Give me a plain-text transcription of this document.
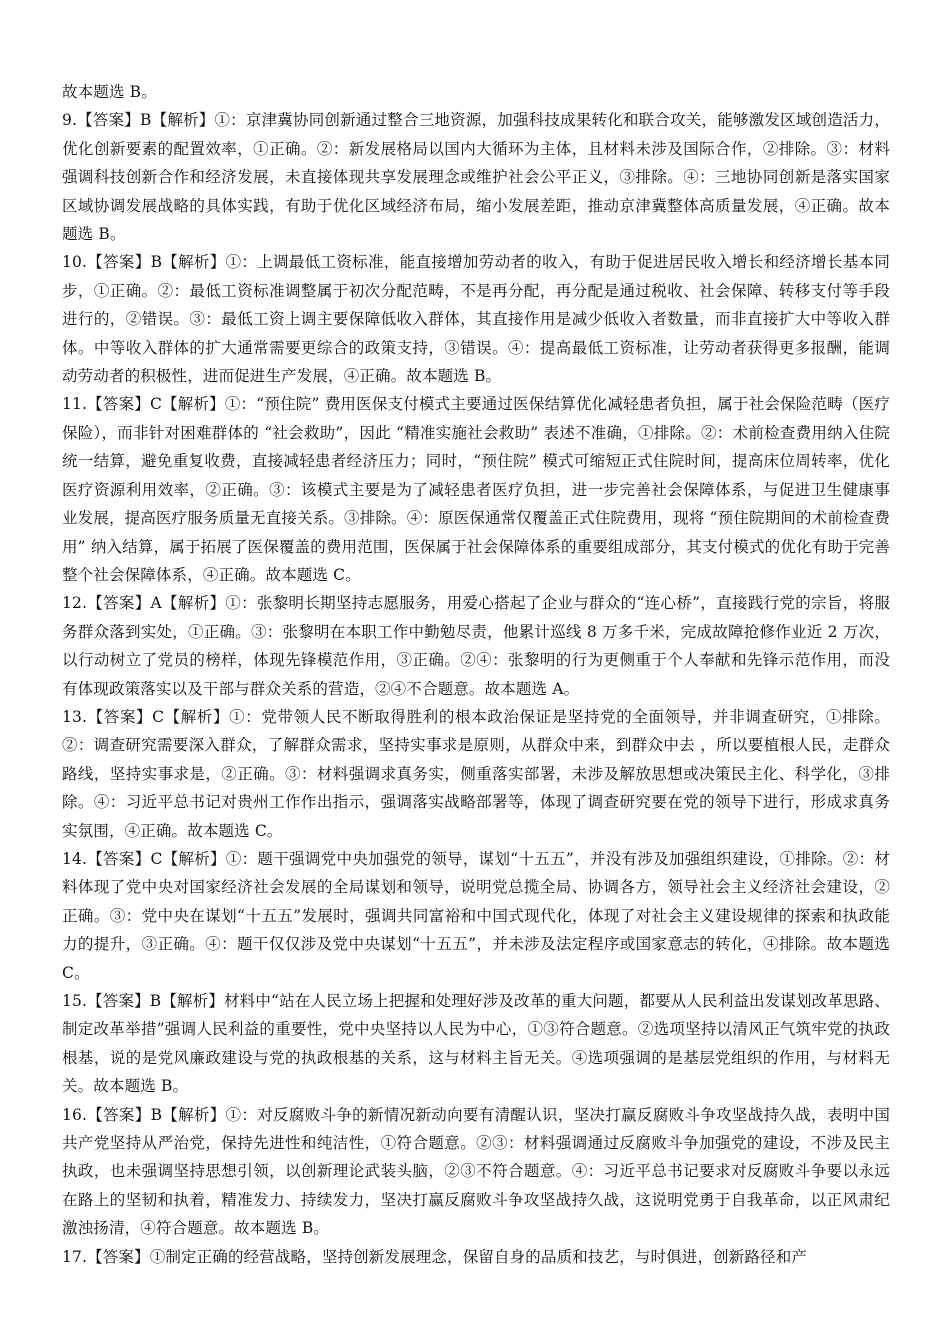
故本题选 B。

9.【答案】B【解析】①：京津冀协同创新通过整合三地资源，加强科技成果转化和联合攻关，能够激发区域创造活力，优化创新要素的配置效率，①正确。②：新发展格局以国内大循环为主体，且材料未涉及国际合作，②排除。③：材料强调科技创新合作和经济发展，未直接体现共享发展理念或维护社会公平正义，③排除。④：三地协同创新是落实国家区域协调发展战略的具体实践，有助于优化区域经济布局，缩小发展差距，推动京津冀整体高质量发展，④正确。故本题选 B。

10.【答案】B【解析】①：上调最低工资标准，能直接增加劳动者的收入，有助于促进居民收入增长和经济增长基本同步，①正确。②：最低工资标准调整属于初次分配范畴，不是再分配，再分配是通过税收、社会保障、转移支付等手段进行的，②错误。③：最低工资上调主要保障低收入群体，其直接作用是减少低收入者数量，而非直接扩大中等收入群体。中等收入群体的扩大通常需要更综合的政策支持，③错误。④：提高最低工资标准，让劳动者获得更多报酬，能调动劳动者的积极性，进而促进生产发展，④正确。故本题选 B。

11.【答案】C【解析】①：“预住院” 费用医保支付模式主要通过医保结算优化减轻患者负担，属于社会保险范畴（医疗保险），而非针对困难群体的 “社会救助”，因此 “精准实施社会救助” 表述不准确，①排除。②：术前检查费用纳入住院统一结算，避免重复收费，直接减轻患者经济压力；同时，“预住院” 模式可缩短正式住院时间，提高床位周转率，优化医疗资源利用效率，②正确。③：该模式主要是为了减轻患者医疗负担，进一步完善社会保障体系，与促进卫生健康事业发展，提高医疗服务质量无直接关系。③排除。④：原医保通常仅覆盖正式住院费用，现将 “预住院期间的术前检查费用” 纳入结算，属于拓展了医保覆盖的费用范围，医保属于社会保障体系的重要组成部分，其支付模式的优化有助于完善整个社会保障体系，④正确。故本题选 C。

12.【答案】A【解析】①：张黎明长期坚持志愿服务，用爱心搭起了企业与群众的“连心桥”，直接践行党的宗旨，将服务群众落到实处，①正确。③：张黎明在本职工作中勤勉尽责，他累计巡线 8 万多千米，完成故障抢修作业近 2 万次，以行动树立了党员的榜样，体现先锋模范作用，③正确。②④：张黎明的行为更侧重于个人奉献和先锋示范作用，而没有体现政策落实以及干部与群众关系的营造，②④不合题意。故本题选 A。

13.【答案】C【解析】①：党带领人民不断取得胜利的根本政治保证是坚持党的全面领导，并非调查研究，①排除。②：调查研究需要深入群众，了解群众需求，坚持实事求是原则，从群众中来，到群众中去 ，所以要植根人民，走群众路线，坚持实事求是，②正确。③：材料强调求真务实，侧重落实部署，未涉及解放思想或决策民主化、科学化，③排除。④：习近平总书记对贵州工作作出指示，强调落实战略部署等，体现了调查研究要在党的领导下进行，形成求真务实氛围，④正确。故本题选 C。

14.【答案】C【解析】①：题干强调党中央加强党的领导，谋划“十五五”，并没有涉及加强组织建设，①排除。②：材料体现了党中央对国家经济社会发展的全局谋划和领导，说明党总揽全局、协调各方，领导社会主义经济社会建设，②正确。③：党中央在谋划“十五五”发展时，强调共同富裕和中国式现代化，体现了对社会主义建设规律的探索和执政能力的提升，③正确。④：题干仅仅涉及党中央谋划“十五五”，并未涉及法定程序或国家意志的转化，④排除。故本题选 C。

15.【答案】B【解析】材料中“站在人民立场上把握和处理好涉及改革的重大问题，都要从人民利益出发谋划改革思路、制定改革举措”强调人民利益的重要性，党中央坚持以人民为中心，①③符合题意。②选项坚持以清风正气筑牢党的执政根基，说的是党风廉政建设与党的执政根基的关系，这与材料主旨无关。④选项强调的是基层党组织的作用，与材料无关。故本题选 B。

16.【答案】B【解析】①：对反腐败斗争的新情况新动向要有清醒认识，坚决打赢反腐败斗争攻坚战持久战，表明中国共产党坚持从严治党，保持先进性和纯洁性，①符合题意。②③：材料强调通过反腐败斗争加强党的建设，不涉及民主执政，也未强调坚持思想引领，以创新理论武装头脑，②③不符合题意。④：习近平总书记要求对反腐败斗争要以永远在路上的坚韧和执着，精准发力、持续发力，坚决打赢反腐败斗争攻坚战持久战，这说明党勇于自我革命，以正风肃纪激浊扬清，④符合题意。故本题选 B。

17.【答案】①制定正确的经营战略，坚持创新发展理念，保留自身的品质和技艺，与时俱进，创新路径和产
